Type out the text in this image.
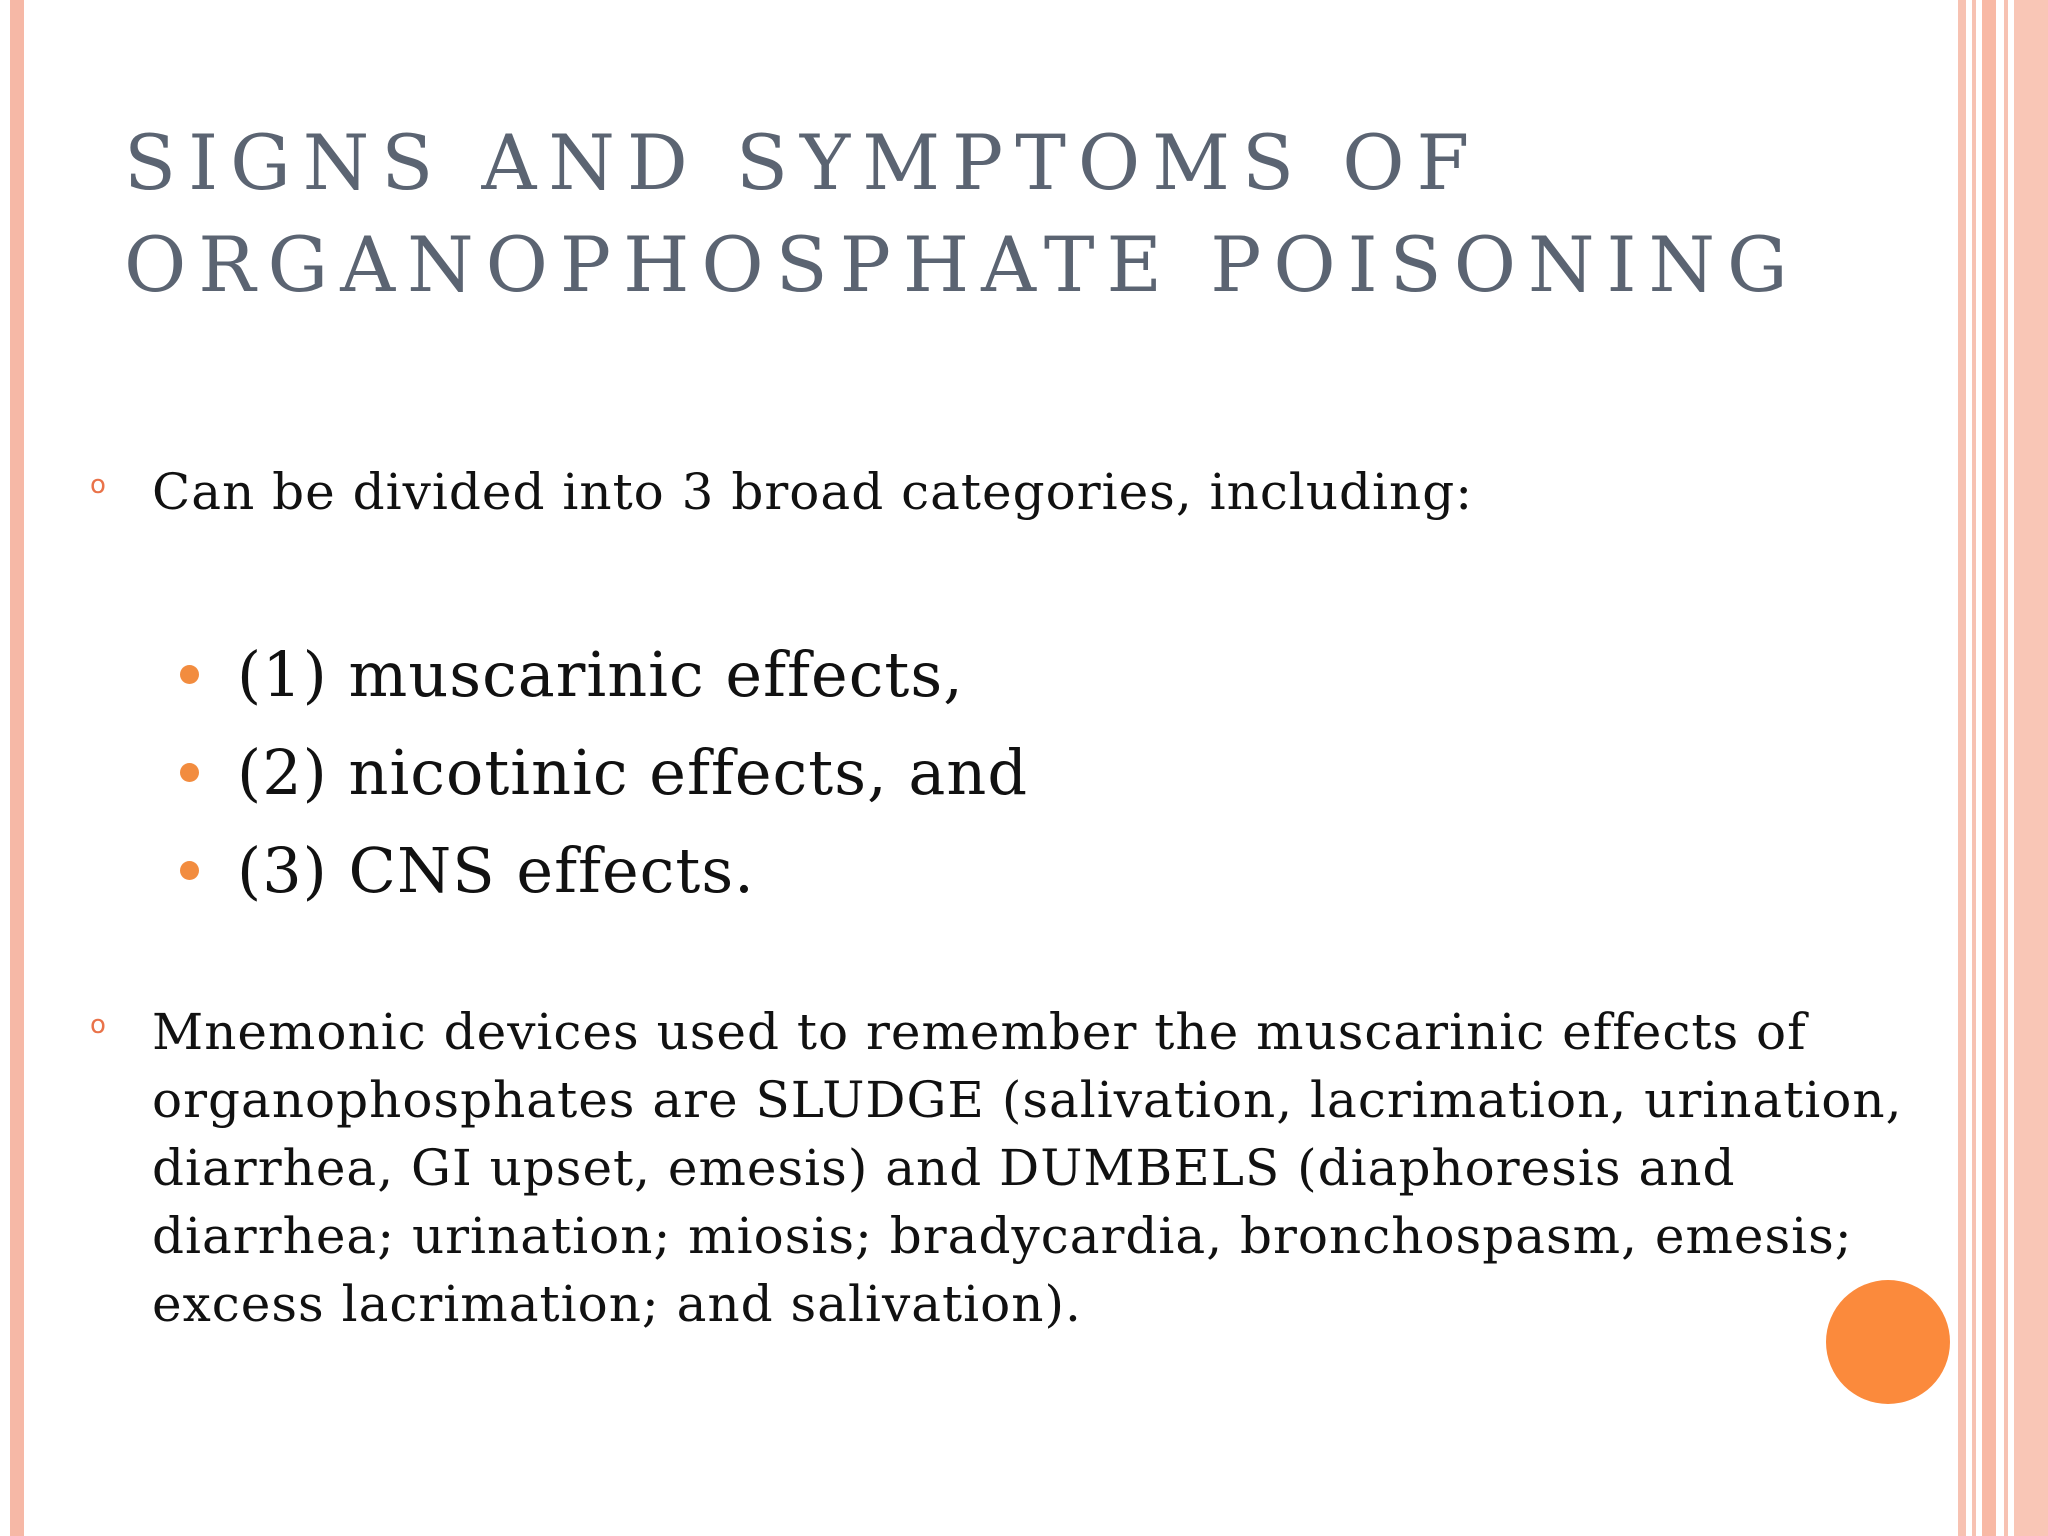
SIGNS AND SYMPTOMS OF ORGANOPHOSPHATE POISONING
o Can be divided into 3 broad categories, including:

(1) muscarinic effects,
(2) nicotinic effects, and
(3) CNS effects.
o Mnemonic devices used to remember the muscarinic effects of organophosphates are SLUDGE (salivation, lacrimation, urination, diarrhea, GI upset, emesis) and DUMBELS (diaphoresis and diarrhea; urination; miosis; bradycardia, bronchospasm, emesis; excess lacrimation; and salivation).
